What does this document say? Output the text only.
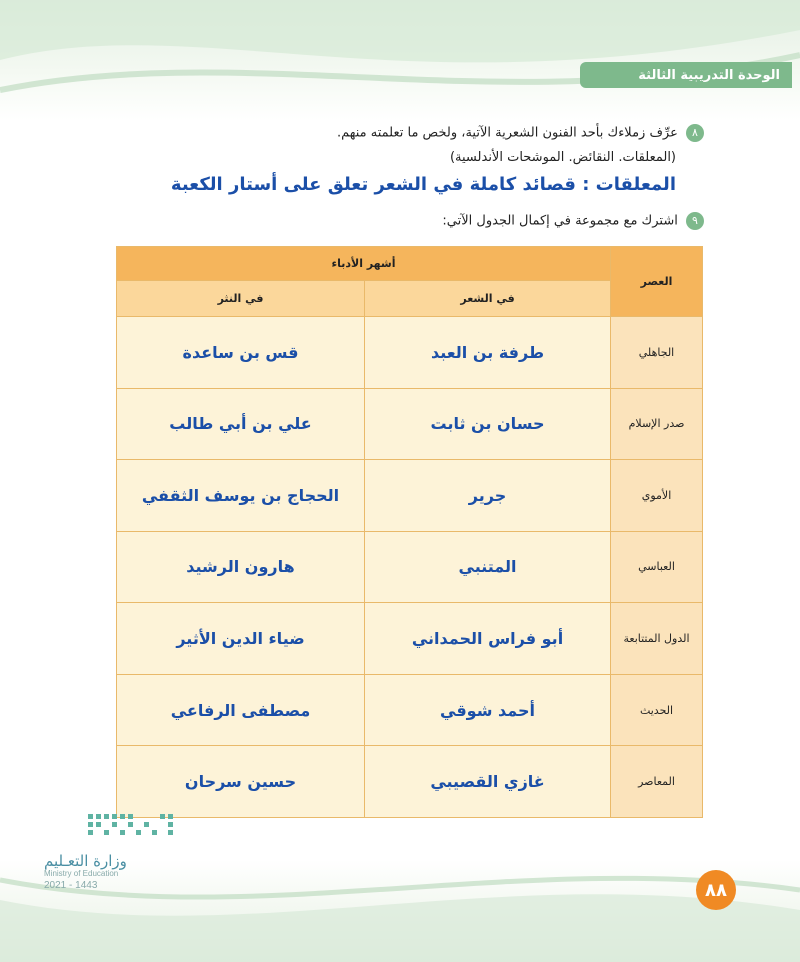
الوحدة التدريبية الثالثة
٨ عرِّف زملاءك بأحد الفنون الشعرية الآتية، ولخص ما تعلمته منهم.
(المعلقات. النقائض. الموشحات الأندلسية)
المعلقات : قصائد كاملة في الشعر تعلق على أستار الكعبة
٩ اشترك مع مجموعة في إكمال الجدول الآتي:
العصر	أشهر الأدباء	
	في الشعر	في النثر
الجاهلي	طرفة بن العبد	قس بن ساعدة
صدر الإسلام	حسان بن ثابت	علي بن أبي طالب
الأموي	جرير	الحجاج بن يوسف الثقفي
العباسي	المتنبي	هارون الرشيد
الدول المتتابعة	أبو فراس الحمداني	ضياء الدين الأثير
الحديث	أحمد شوقي	مصطفى الرفاعي
المعاصر	غازي القصيبي	حسين سرحان
وزارة التعـليم
Ministry of Education
2021 - 1443	٨٨
